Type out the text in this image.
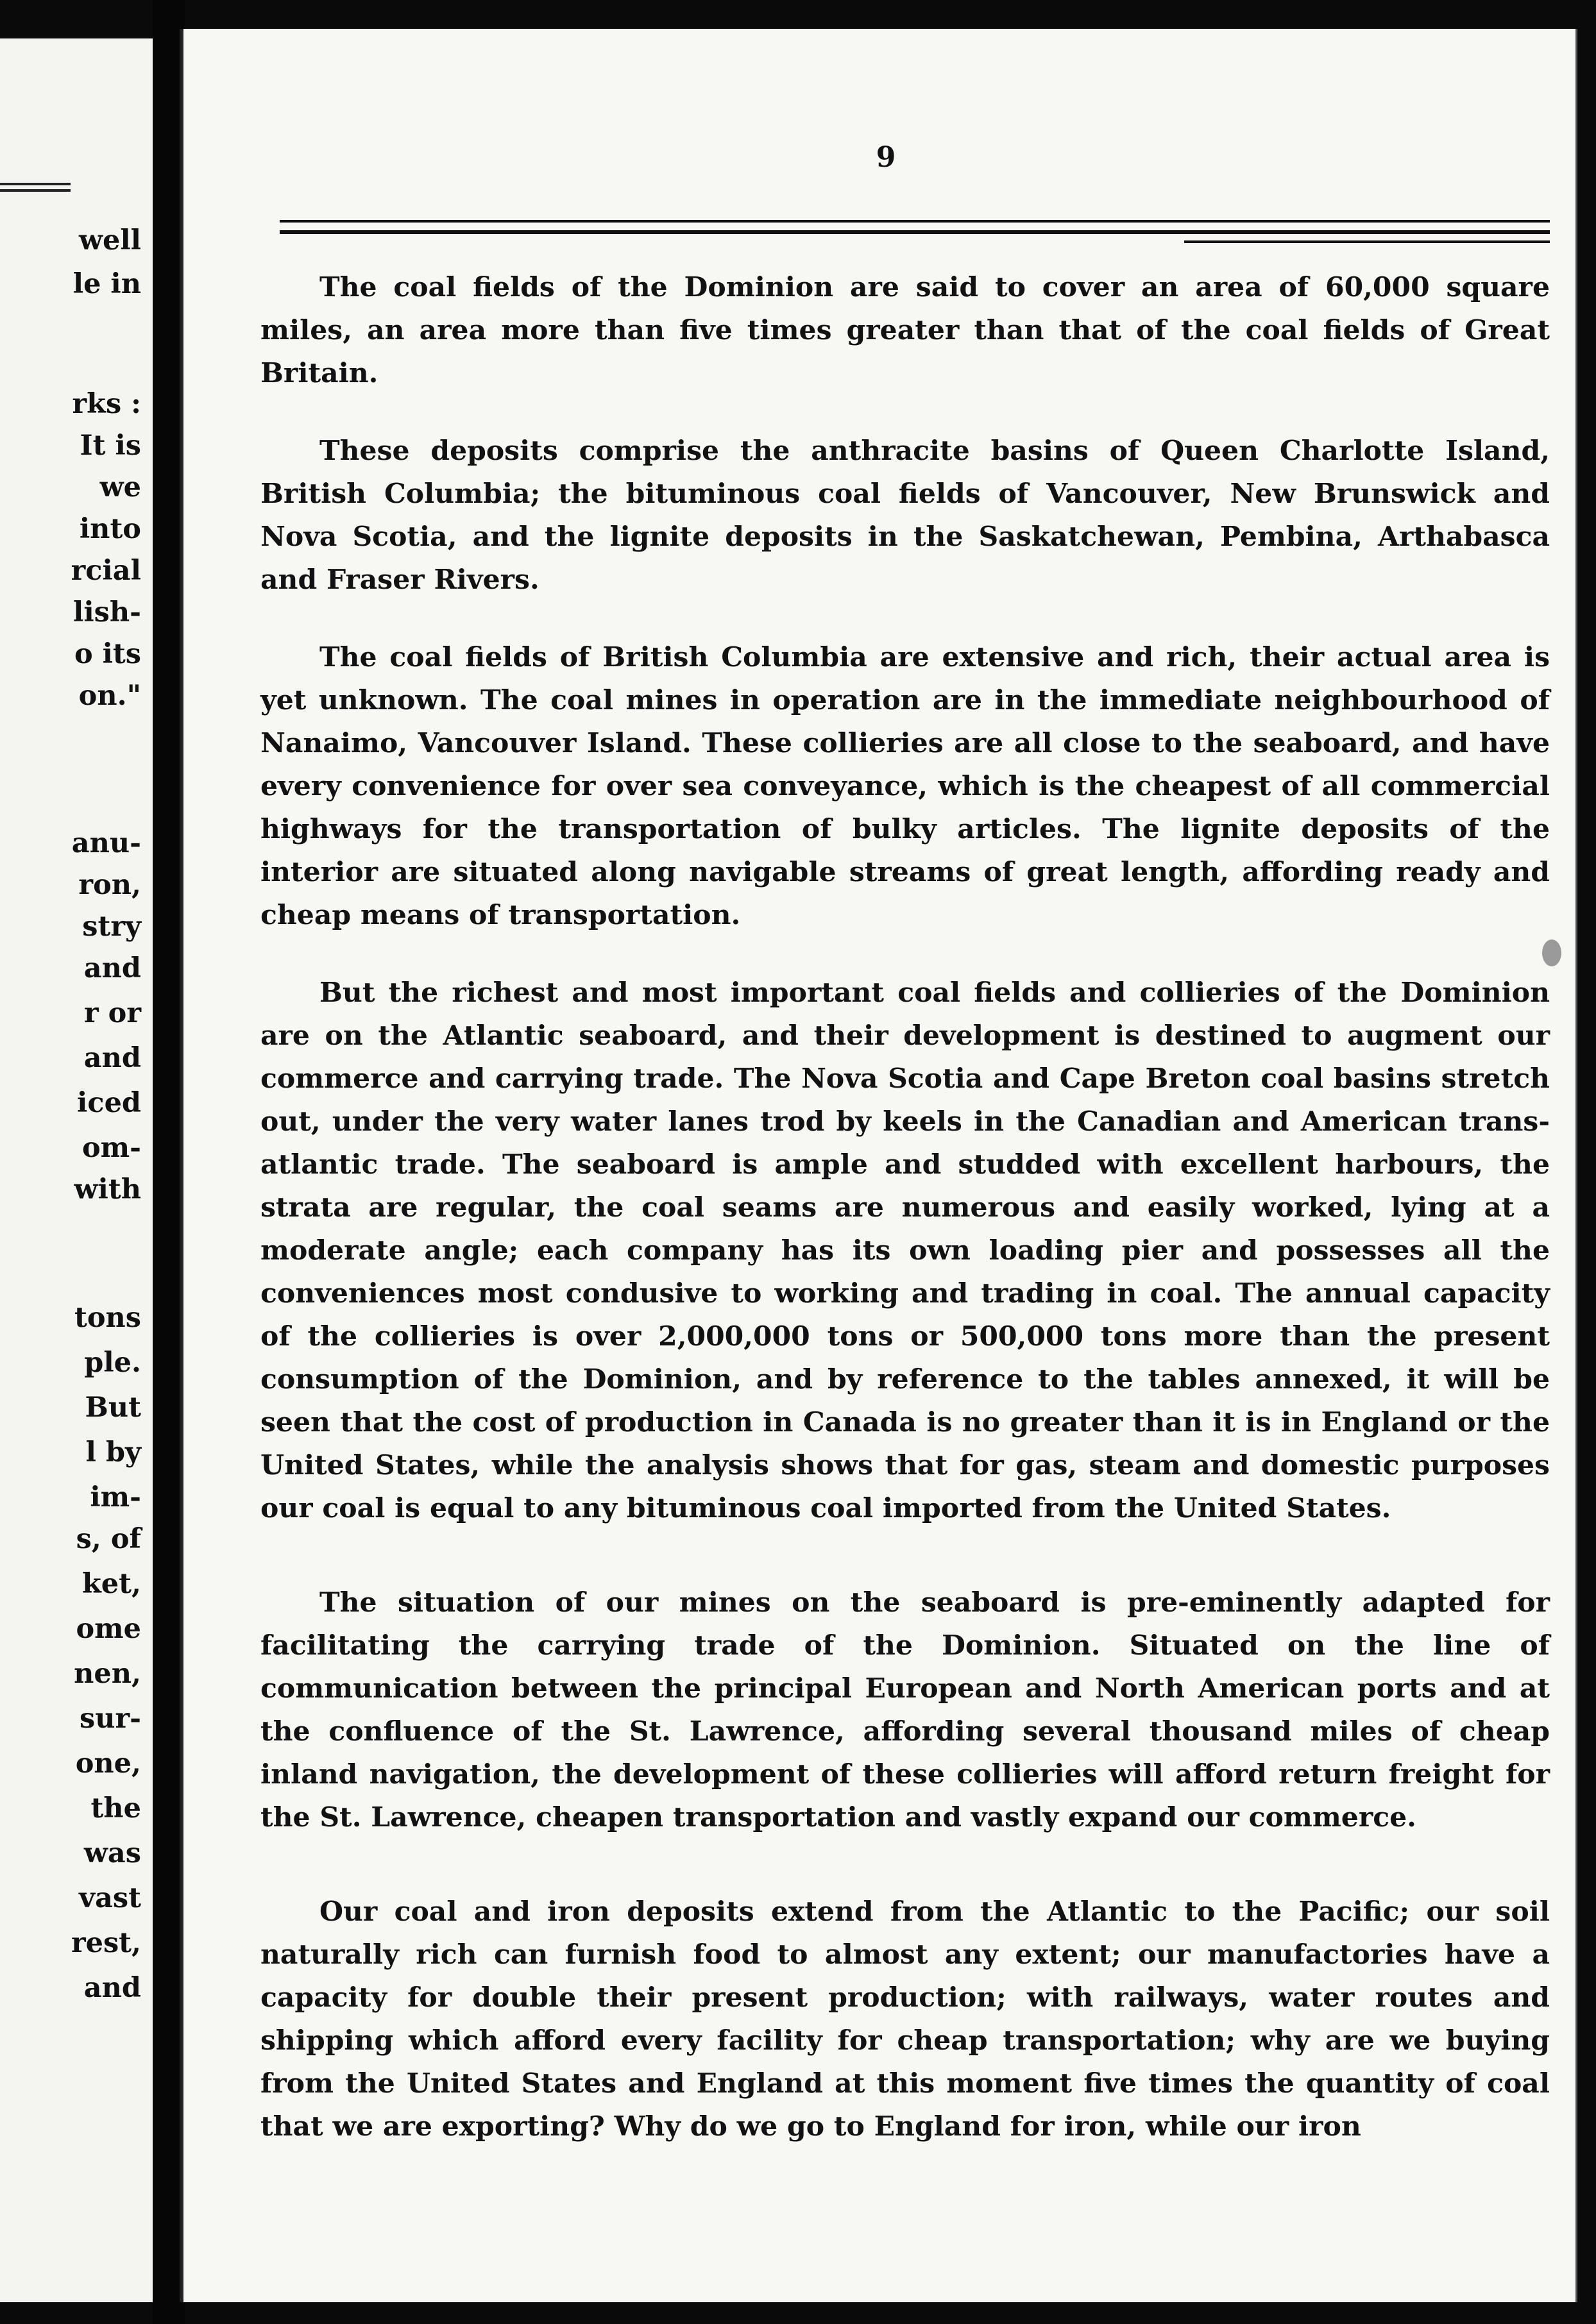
well
le in
rks :
It is
we
into
rcial
lish-
o its
on."
anu-
ron,
stry
and
r or
and
iced
om-
with
tons
ple.
But
l by
im-
s, of
ket,
ome
nen,
sur-
one,
the
was
vast
rest,
and
9

The coal fields of the Dominion are said to cover an area of 60,000 square miles, an area more than five times greater than that of the coal fields of Great Britain.

These deposits comprise the anthracite basins of Queen Charlotte Island, British Columbia; the bituminous coal fields of Vancouver, New Brunswick and Nova Scotia, and the lignite deposits in the Saskatchewan, Pembina, Arthabasca and Fraser Rivers.

The coal fields of British Columbia are extensive and rich, their actual area is yet unknown. The coal mines in operation are in the immediate neighbourhood of Nanaimo, Vancouver Island. These collieries are all close to the seaboard, and have every convenience for over sea conveyance, which is the cheapest of all commercial highways for the transportation of bulky articles. The lignite deposits of the interior are situated along navigable streams of great length, affording ready and cheap means of transportation.

But the richest and most important coal fields and collieries of the Dominion are on the Atlantic seaboard, and their development is destined to augment our commerce and carrying trade. The Nova Scotia and Cape Breton coal basins stretch out, under the very water lanes trod by keels in the Canadian and American trans-atlantic trade. The seaboard is ample and studded with excellent harbours, the strata are regular, the coal seams are numerous and easily worked, lying at a moderate angle; each company has its own loading pier and possesses all the conveniences most condusive to working and trading in coal. The annual capacity of the collieries is over 2,000,000 tons or 500,000 tons more than the present consumption of the Dominion, and by reference to the tables annexed, it will be seen that the cost of production in Canada is no greater than it is in England or the United States, while the analysis shows that for gas, steam and domestic purposes our coal is equal to any bituminous coal imported from the United States.

The situation of our mines on the seaboard is pre-eminently adapted for facilitating the carrying trade of the Dominion. Situated on the line of communication between the principal European and North American ports and at the confluence of the St. Lawrence, affording several thousand miles of cheap inland navigation, the development of these collieries will afford return freight for the St. Lawrence, cheapen transportation and vastly expand our commerce.

Our coal and iron deposits extend from the Atlantic to the Pacific; our soil naturally rich can furnish food to almost any extent; our manufactories have a capacity for double their present production; with railways, water routes and shipping which afford every facility for cheap transportation; why are we buying from the United States and England at this moment five times the quantity of coal that we are exporting? Why do we go to England for iron, while our iron
